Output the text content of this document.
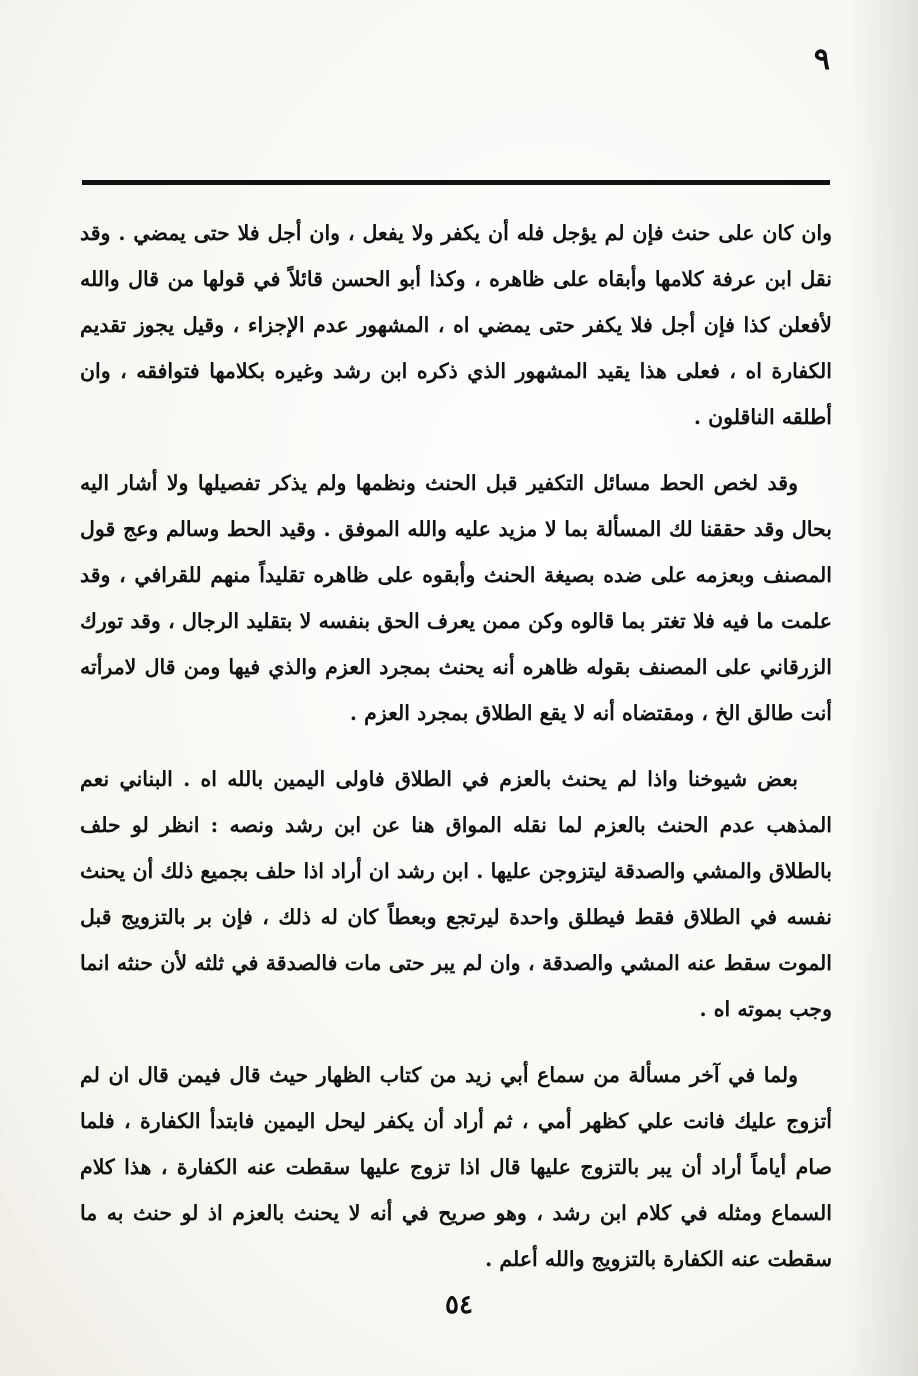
٩

وان كان على حنث فإن لم يؤجل فله أن يكفر ولا يفعل ، وان أجل فلا حتى يمضي . وقد نقل ابن عرفة كلامها وأبقاه على ظاهره ، وكذا أبو الحسن قائلاً في قولها من قال والله لأفعلن كذا فإن أجل فلا يكفر حتى يمضي اه ، المشهور عدم الإجزاء ، وقيل يجوز تقديم الكفارة اه ، فعلى هذا يقيد المشهور الذي ذكره ابن رشد وغيره بكلامها فتوافقه ، وان أطلقه الناقلون .

وقد لخص الحط مسائل التكفير قبل الحنث ونظمها ولم يذكر تفصيلها ولا أشار اليه بحال وقد حققنا لك المسألة بما لا مزيد عليه والله الموفق . وقيد الحط وسالم وعج قول المصنف وبعزمه على ضده بصيغة الحنث وأبقوه على ظاهره تقليداً منهم للقرافي ، وقد علمت ما فيه فلا تغتر بما قالوه وكن ممن يعرف الحق بنفسه لا بتقليد الرجال ، وقد تورك الزرقاني على المصنف بقوله ظاهره أنه يحنث بمجرد العزم والذي فيها ومن قال لامرأته أنت طالق الخ ، ومقتضاه أنه لا يقع الطلاق بمجرد العزم .

بعض شيوخنا واذا لم يحنث بالعزم في الطلاق فاولى اليمين بالله اه . البناني نعم المذهب عدم الحنث بالعزم لما نقله المواق هنا عن ابن رشد ونصه : انظر لو حلف بالطلاق والمشي والصدقة ليتزوجن عليها . ابن رشد ان أراد اذا حلف بجميع ذلك أن يحنث نفسه في الطلاق فقط فيطلق واحدة ليرتجع وبعطاً كان له ذلك ، فإن بر بالتزويج قبل الموت سقط عنه المشي والصدقة ، وان لم يبر حتى مات فالصدقة في ثلثه لأن حنثه انما وجب بموته اه .

ولما في آخر مسألة من سماع أبي زيد من كتاب الظهار حيث قال فيمن قال ان لم أتزوج عليك فانت علي كظهر أمي ، ثم أراد أن يكفر ليحل اليمين فابتدأ الكفارة ، فلما صام أياماً أراد أن يبر بالتزوج عليها قال اذا تزوج عليها سقطت عنه الكفارة ، هذا كلام السماع ومثله في كلام ابن رشد ، وهو صريح في أنه لا يحنث بالعزم اذ لو حنث به ما سقطت عنه الكفارة بالتزويج والله أعلم .

٥٤
